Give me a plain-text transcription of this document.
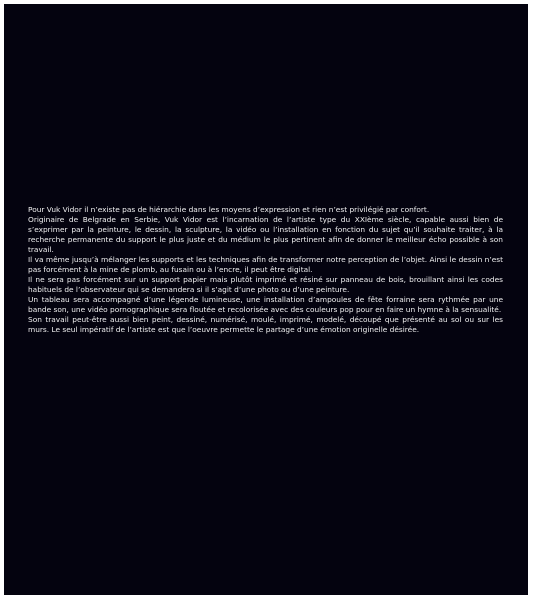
Pour Vuk Vidor il n’existe pas de hiérarchie dans les moyens d’expression et rien n’est privilégié par confort.

Originaire de Belgrade en Serbie, Vuk Vidor est l’incarnation de l’artiste type du XXIème siècle, capable aussi bien de s’exprimer par la peinture, le dessin, la sculpture, la vidéo ou l’installation en fonction du sujet qu’il souhaite traiter, à la recherche permanente du support le plus juste et du médium le plus pertinent afin de donner le meilleur écho possible à son travail.

Il va même jusqu’à mélanger les supports et les techniques afin de transformer notre perception de l’objet. Ainsi le dessin n’est pas forcément à la mine de plomb, au fusain ou à l’encre, il peut être digital.

Il ne sera pas forcément sur un support papier mais plutôt imprimé et résiné sur panneau de bois, brouillant ainsi les codes habituels de l’observateur qui se demandera si il s’agit d’une photo ou d’une peinture.

Un tableau sera accompagné d’une légende lumineuse, une installation d’ampoules de fête forraine sera rythmée par une bande son, une vidéo pornographique sera floutée et recolorisée avec des couleurs pop pour en faire un hymne à la sensualité.

Son travail peut-être aussi bien peint, dessiné, numérisé, moulé, imprimé, modelé, découpé que présenté au sol ou sur les murs. Le seul impératif de l’artiste est que l’oeuvre permette le partage d’une émotion originelle désirée.
